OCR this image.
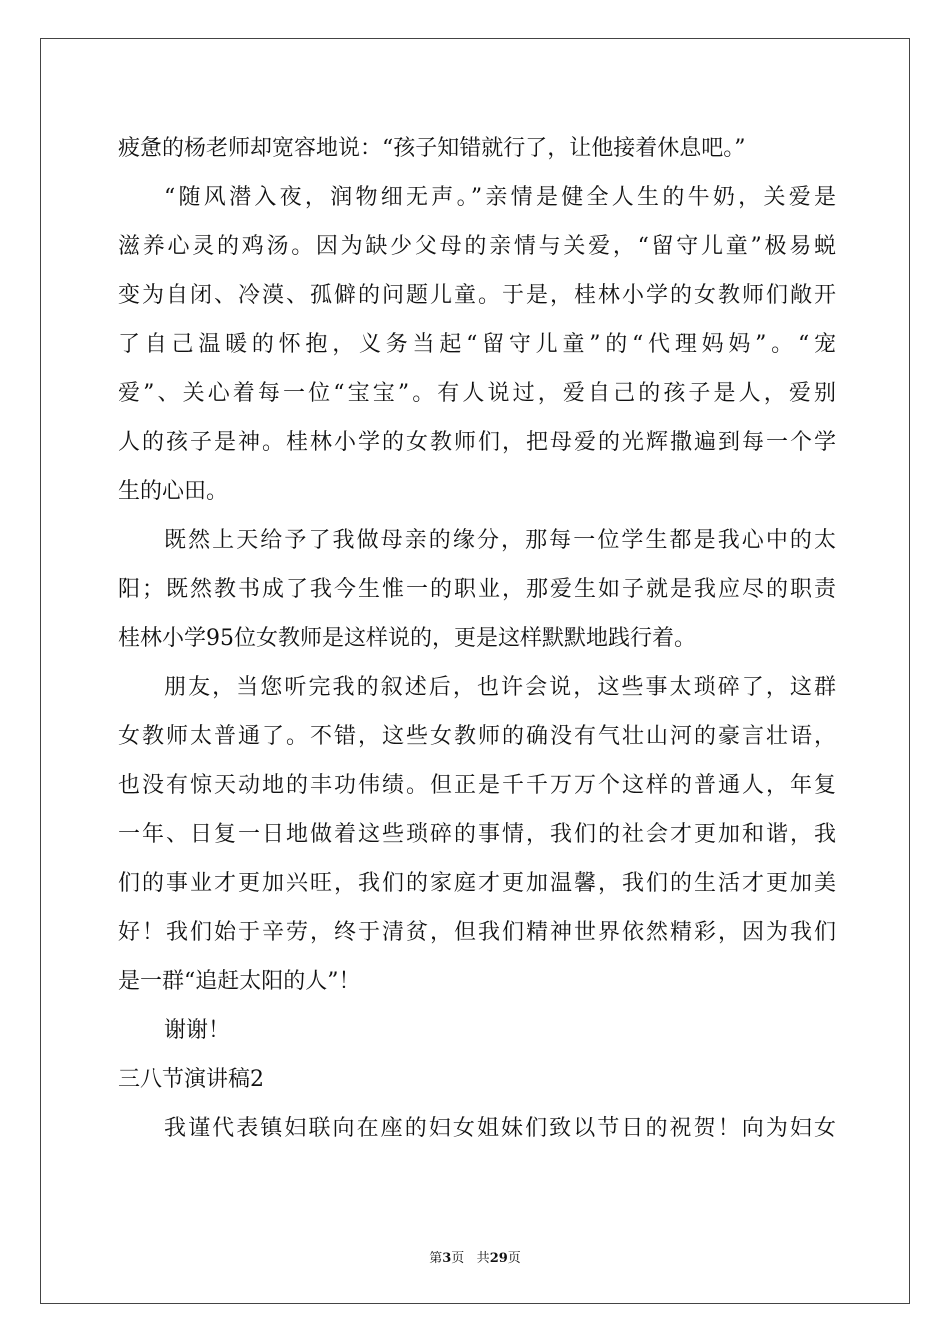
疲惫的杨老师却宽容地说：“孩子知错就行了，让他接着休息吧。”
“随风潜入夜，润物细无声。”亲情是健全人生的牛奶，关爱是
滋养心灵的鸡汤。因为缺少父母的亲情与关爱，“留守儿童”极易蜕
变为自闭、冷漠、孤僻的问题儿童。于是，桂林小学的女教师们敞开
了自己温暖的怀抱，义务当起“留守儿童”的“代理妈妈”。“宠
爱”、关心着每一位“宝宝”。有人说过，爱自己的孩子是人，爱别
人的孩子是神。桂林小学的女教师们，把母爱的光辉撒遍到每一个学
生的心田。
既然上天给予了我做母亲的缘分，那每一位学生都是我心中的太
阳；既然教书成了我今生惟一的职业，那爱生如子就是我应尽的职责
桂林小学95位女教师是这样说的，更是这样默默地践行着。
朋友，当您听完我的叙述后，也许会说，这些事太琐碎了，这群
女教师太普通了。不错，这些女教师的确没有气壮山河的豪言壮语，
也没有惊天动地的丰功伟绩。但正是千千万万个这样的普通人，年复
一年、日复一日地做着这些琐碎的事情，我们的社会才更加和谐，我
们的事业才更加兴旺，我们的家庭才更加温馨，我们的生活才更加美
好！我们始于辛劳，终于清贫，但我们精神世界依然精彩，因为我们
是一群“追赶太阳的人”！
谢谢！
三八节演讲稿2
我谨代表镇妇联向在座的妇女姐妹们致以节日的祝贺！向为妇女
第3页 共29页
